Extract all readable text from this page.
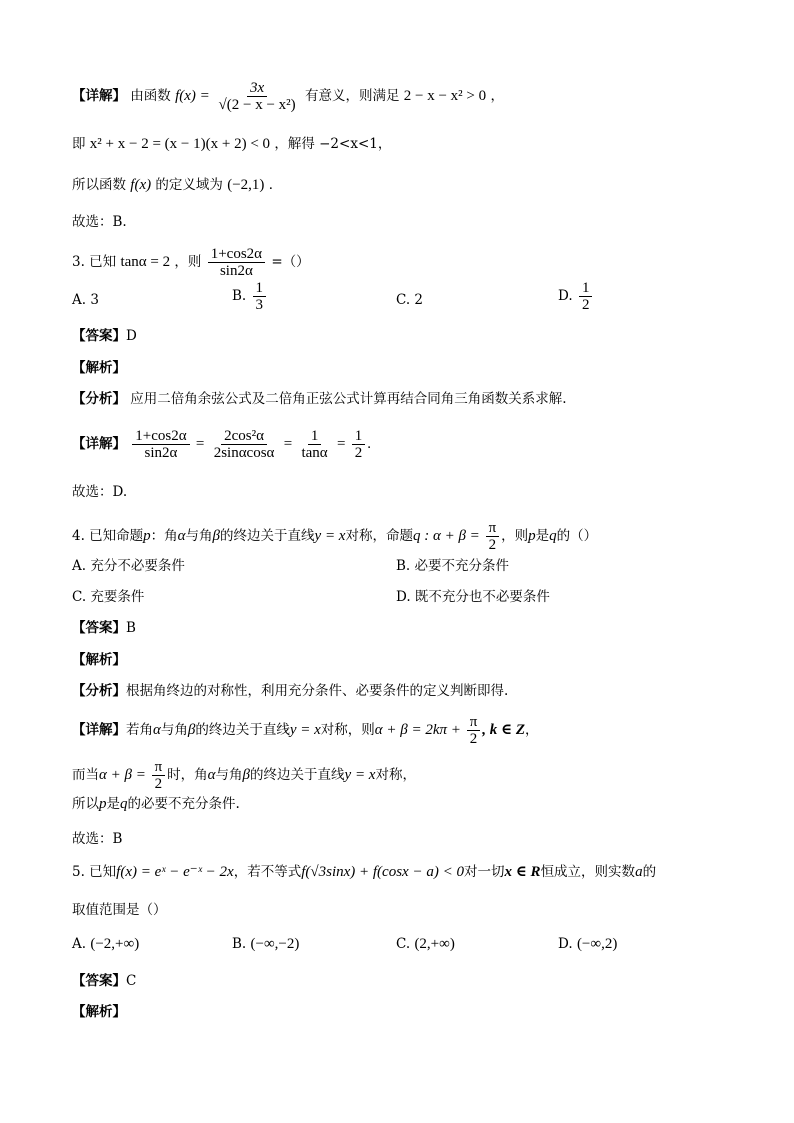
【详解】 由函数 $f(x) = \frac{3x}{\text{√(2 − x − x²)}}$ 有意义，则满足 2 − x − x² > 0 ，
即 x² + x − 2 = (x − 1)(x + 2) < 0 ，解得 −2<x<1，
所以函数 f(x) 的定义域为 (−2,1) ．
故选：B.
3. 已知 tanα = 2 ，则 $\frac{1+\cos 2\alpha}{\sin 2\alpha}$ =（）
A. 3	B. $\frac{1}{3}$	C. 2	D. $\frac{1}{2}$
【答案】D
【解析】
【分析】 应用二倍角余弦公式及二倍角正弦公式计算再结合同角三角函数关系求解.
【详解】 $\frac{1+\cos 2\alpha}{\sin 2\alpha} = \frac{\text{2cos²α}}{2\sin\alpha\cos\alpha} = \frac{1}{\tan\alpha} = \frac{1}{2}$ .
故选：D.
4. 已知命题p：角α与角β的终边关于直线y = x对称，命题q : $\alpha + \beta = \frac{\pi}{2}$ ，则p是q的（）
A. 充分不必要条件	B. 必要不充分条件
C. 充要条件	D. 既不充分也不必要条件
【答案】B
【解析】
【分析】根据角终边的对称性，利用充分条件、必要条件的定义判断即得.
【详解】若角α与角β的终边关于直线y = x对称，则$\alpha + \beta = 2k\pi + \frac{\pi}{2}$ , k ∈ Z，
而当$\alpha + \beta = \frac{\pi}{2}$ 时，角α与角β的终边关于直线y = x对称，
所以p是q的必要不充分条件.
故选：B
5. 已知f(x) = eˣ − e⁻ˣ − 2x，若不等式f(√3sinx) + f(cosx − a) < 0对一切x ∈ R恒成立，则实数a的
取值范围是（）
A. (−2,+∞)	B. (−∞,−2)	C. (2,+∞)	D. (−∞,2)
【答案】C
【解析】
